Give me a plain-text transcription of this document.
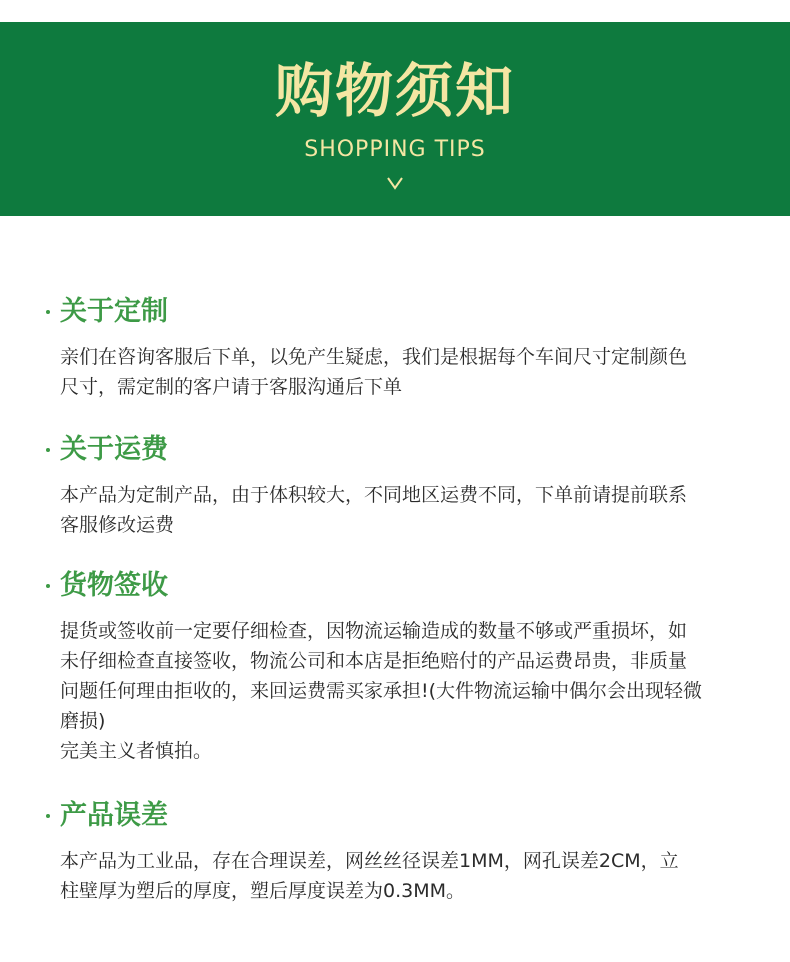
购物须知
SHOPPING TIPS
关于定制
亲们在咨询客服后下单，以免产生疑虑，我们是根据每个车间尺寸定制颜色
尺寸，需定制的客户请于客服沟通后下单
关于运费
本产品为定制产品，由于体积较大，不同地区运费不同，下单前请提前联系
客服修改运费
货物签收
提货或签收前一定要仔细检查，因物流运输造成的数量不够或严重损坏，如
未仔细检查直接签收，物流公司和本店是拒绝赔付的产品运费昂贵，非质量
问题任何理由拒收的，来回运费需买家承担!(大件物流运输中偶尔会出现轻微
磨损)
完美主义者慎拍。
产品误差
本产品为工业品，存在合理误差，网丝丝径误差1MM，网孔误差2CM，立
柱壁厚为塑后的厚度，塑后厚度误差为0.3MM。
